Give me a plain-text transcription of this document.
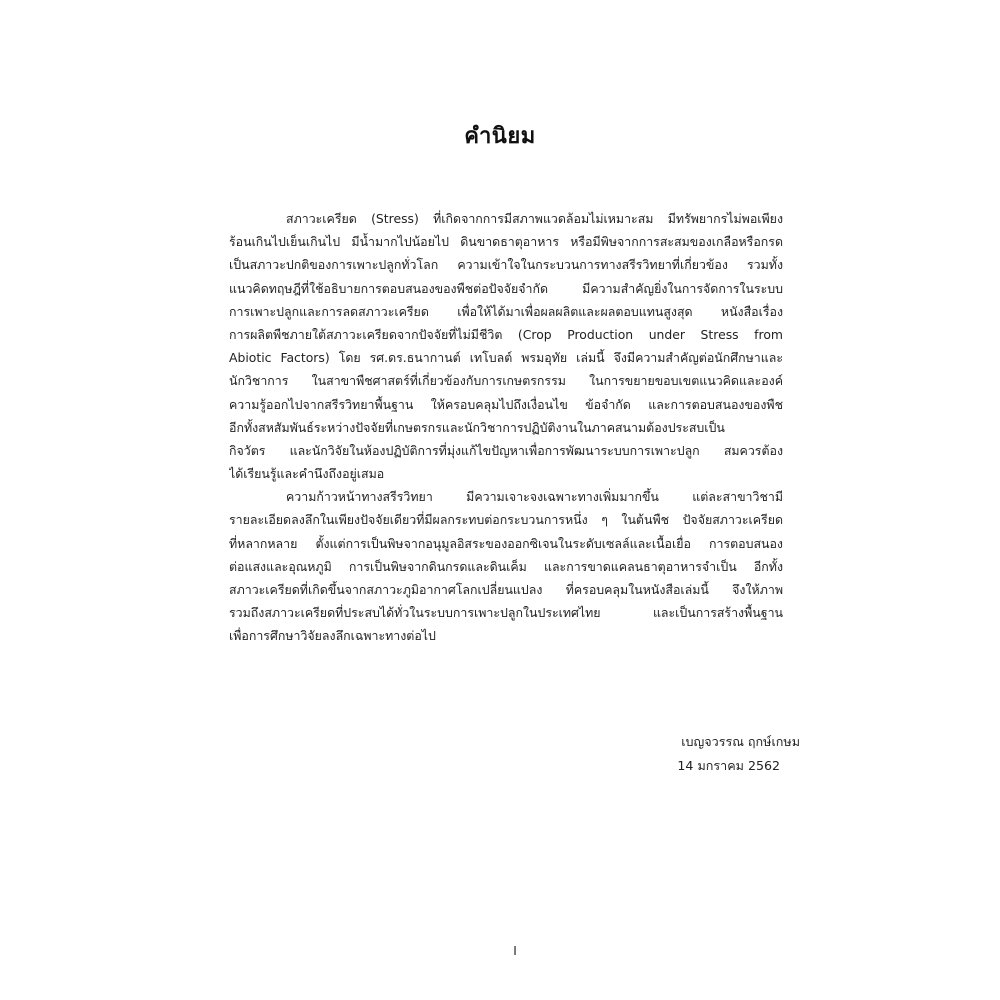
คำนิยม
สภาวะเครียด (Stress) ที่เกิดจากการมีสภาพแวดล้อมไม่เหมาะสม มีทรัพยากรไม่พอเพียง
ร้อนเกินไปเย็นเกินไป มีน้ำมากไปน้อยไป ดินขาดธาตุอาหาร หรือมีพิษจากการสะสมของเกลือหรือกรด
เป็นสภาวะปกติของการเพาะปลูกทั่วโลก ความเข้าใจในกระบวนการทางสรีรวิทยาที่เกี่ยวข้อง รวมทั้ง
แนวคิดทฤษฎีที่ใช้อธิบายการตอบสนองของพืชต่อปัจจัยจำกัด มีความสำคัญยิ่งในการจัดการในระบบ
การเพาะปลูกและการลดสภาวะเครียด เพื่อให้ได้มาเพื่อผลผลิตและผลตอบแทนสูงสุด หนังสือเรื่อง
การผลิตพืชภายใต้สภาวะเครียดจากปัจจัยที่ไม่มีชีวิต (Crop Production under Stress from
Abiotic Factors) โดย รศ.ดร.ธนากานต์ เทโบลต์ พรมอุทัย เล่มนี้ จึงมีความสำคัญต่อนักศึกษาและ
นักวิชาการ ในสาขาพืชศาสตร์ที่เกี่ยวข้องกับการเกษตรกรรม ในการขยายขอบเขตแนวคิดและองค์
ความรู้ออกไปจากสรีรวิทยาพื้นฐาน ให้ครอบคลุมไปถึงเงื่อนไข ข้อจำกัด และการตอบสนองของพืช
อีกทั้งสหสัมพันธ์ระหว่างปัจจัยที่เกษตรกรและนักวิชาการปฏิบัติงานในภาคสนามต้องประสบเป็น
กิจวัตร และนักวิจัยในห้องปฏิบัติการที่มุ่งแก้ไขปัญหาเพื่อการพัฒนาระบบการเพาะปลูก สมควรต้อง
ได้เรียนรู้และคำนึงถึงอยู่เสมอ
ความก้าวหน้าทางสรีรวิทยา มีความเจาะจงเฉพาะทางเพิ่มมากขึ้น แต่ละสาขาวิชามี
รายละเอียดลงลึกในเพียงปัจจัยเดียวที่มีผลกระทบต่อกระบวนการหนึ่ง ๆ ในต้นพืช ปัจจัยสภาวะเครียด
ที่หลากหลาย ตั้งแต่การเป็นพิษจากอนุมูลอิสระของออกซิเจนในระดับเซลล์และเนื้อเยื่อ การตอบสนอง
ต่อแสงและอุณหภูมิ การเป็นพิษจากดินกรดและดินเค็ม และการขาดแคลนธาตุอาหารจำเป็น อีกทั้ง
สภาวะเครียดที่เกิดขึ้นจากสภาวะภูมิอากาศโลกเปลี่ยนแปลง ที่ครอบคลุมในหนังสือเล่มนี้ จึงให้ภาพ
รวมถึงสภาวะเครียดที่ประสบได้ทั่วในระบบการเพาะปลูกในประเทศไทย และเป็นการสร้างพื้นฐาน
เพื่อการศึกษาวิจัยลงลึกเฉพาะทางต่อไป
เบญจวรรณ ฤกษ์เกษม
14 มกราคม 2562
I
